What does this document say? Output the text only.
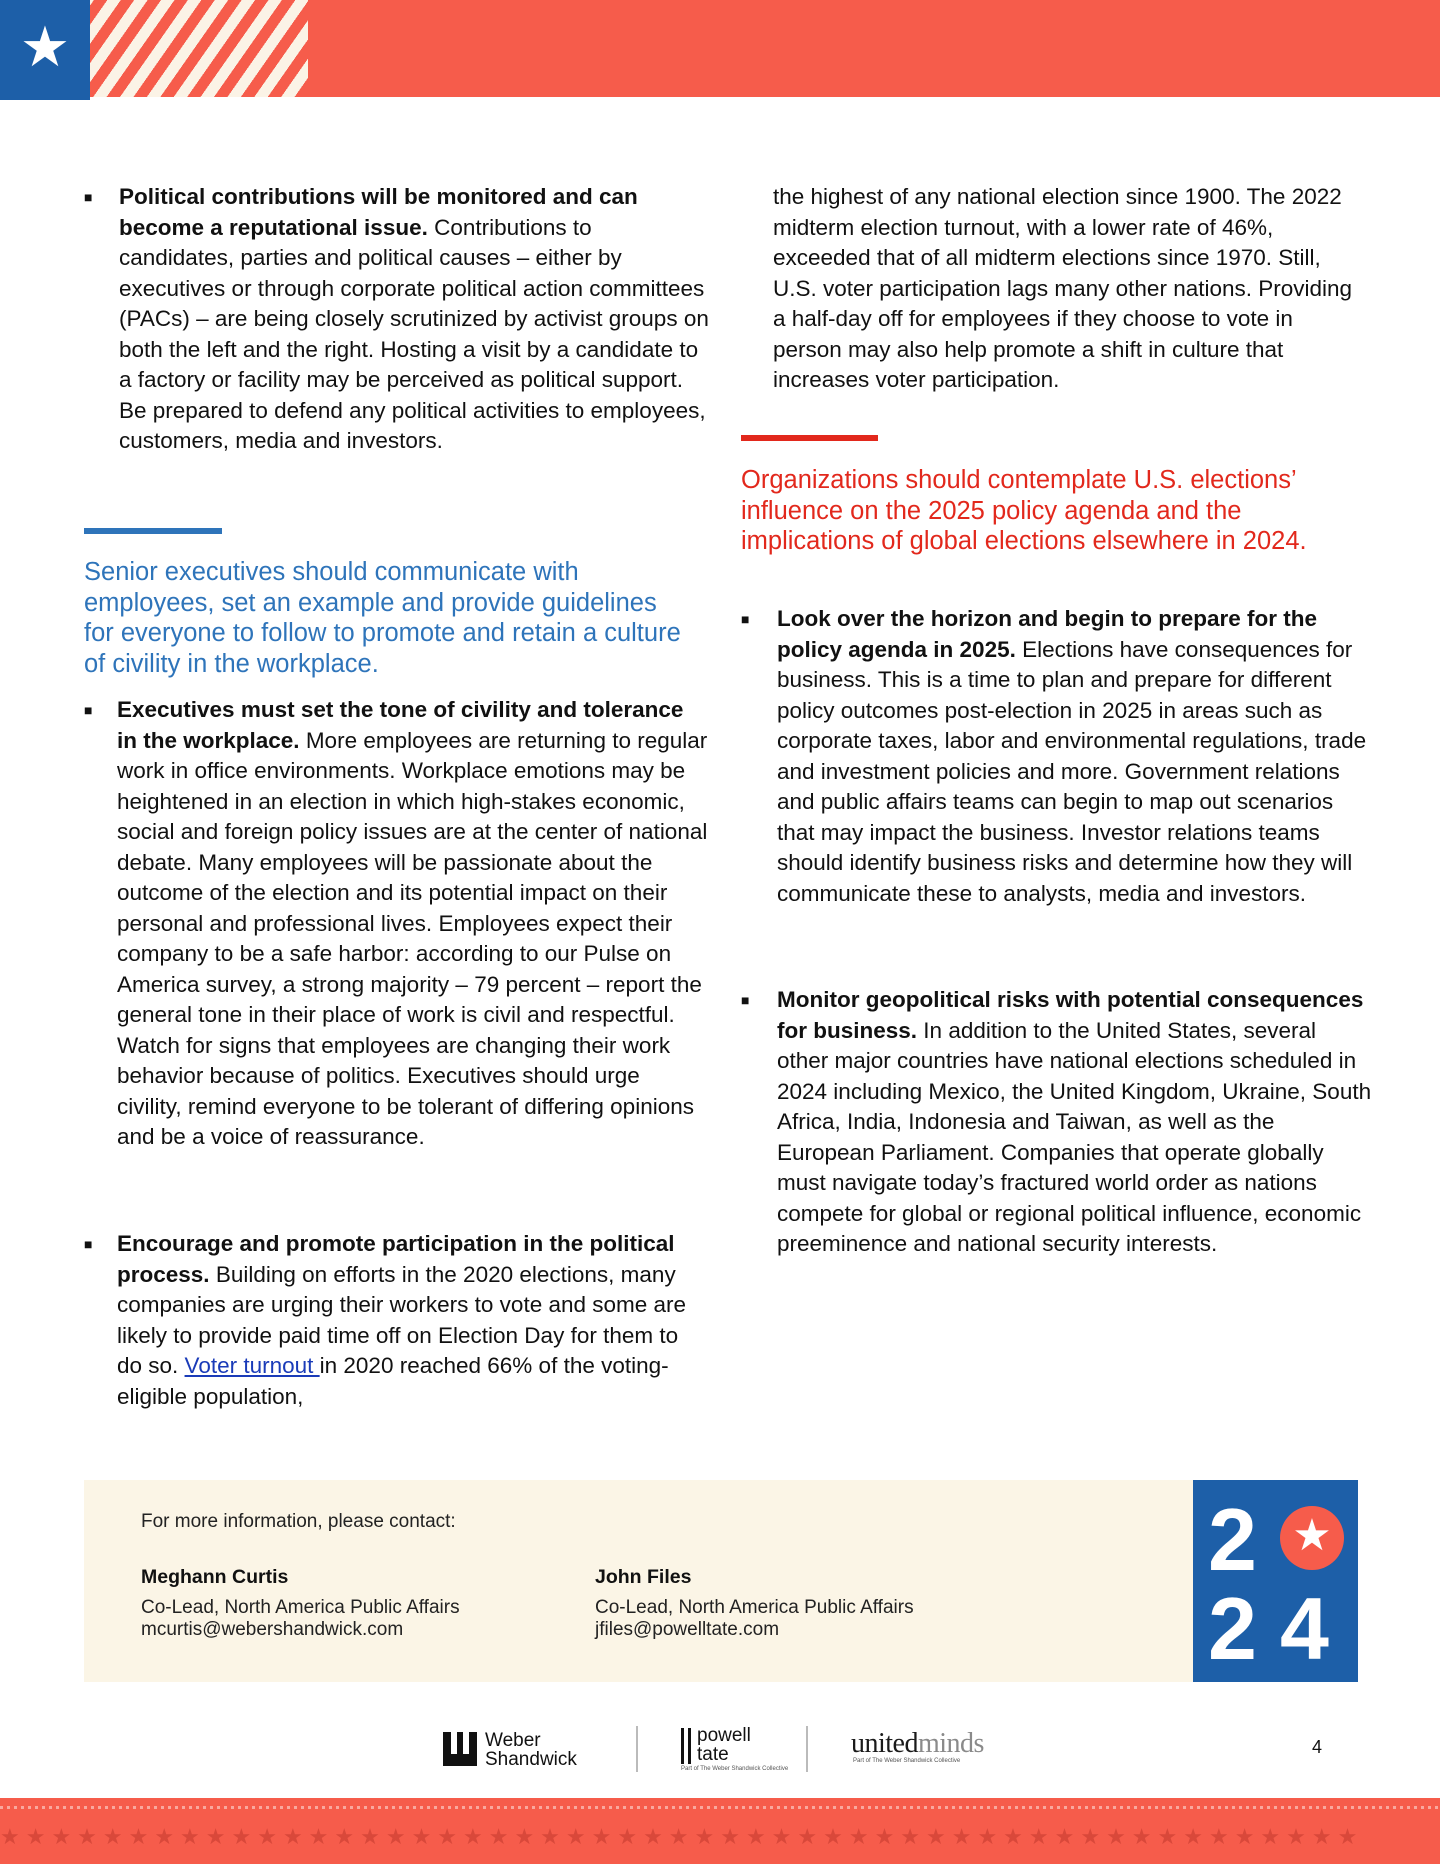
★
■ Political contributions will be monitored and can become a reputational issue. Contributions to candidates, parties and political causes – either by executives or through corporate political action committees (PACs) – are being closely scrutinized by activist groups on both the left and the right. Hosting a visit by a candidate to a factory or facility may be perceived as political support. Be prepared to defend any political activities to employees, customers, media and investors.
Senior executives should communicate with employees, set an example and provide guidelines for everyone to follow to promote and retain a culture of civility in the workplace.
■ Executives must set the tone of civility and tolerance in the workplace. More employees are returning to regular work in office environments. Workplace emotions may be heightened in an election in which high-stakes economic, social and foreign policy issues are at the center of national debate. Many employees will be passionate about the outcome of the election and its potential impact on their personal and professional lives. Employees expect their company to be a safe harbor: according to our Pulse on America survey, a strong majority – 79 percent – report the general tone in their place of work is civil and respectful. Watch for signs that employees are changing their work behavior because of politics. Executives should urge civility, remind everyone to be tolerant of differing opinions and be a voice of reassurance.
■ Encourage and promote participation in the political process. Building on efforts in the 2020 elections, many companies are urging their workers to vote and some are likely to provide paid time off on Election Day for them to do so. Voter turnout in 2020 reached 66% of the voting-eligible population,
the highest of any national election since 1900. The 2022 midterm election turnout, with a lower rate of 46%, exceeded that of all midterm elections since 1970. Still, U.S. voter participation lags many other nations. Providing a half-day off for employees if they choose to vote in person may also help promote a shift in culture that increases voter participation.
Organizations should contemplate U.S. elections’ influence on the 2025 policy agenda and the implications of global elections elsewhere in 2024.
■ Look over the horizon and begin to prepare for the policy agenda in 2025. Elections have consequences for business. This is a time to plan and prepare for different policy outcomes post-election in 2025 in areas such as corporate taxes, labor and environmental regulations, trade and investment policies and more. Government relations and public affairs teams can begin to map out scenarios that may impact the business. Investor relations teams should identify business risks and determine how they will communicate these to analysts, media and investors.
■ Monitor geopolitical risks with potential consequences for business. In addition to the United States, several other major countries have national elections scheduled in 2024 including Mexico, the United Kingdom, Ukraine, South Africa, India, Indonesia and Taiwan, as well as the European Parliament. Companies that operate globally must navigate today’s fractured world order as nations compete for global or regional political influence, economic preeminence and national security interests.
For more information, please contact:
Meghann Curtis
Co-Lead, North America Public Affairs
mcurtis@webershandwick.com
John Files
Co-Lead, North America Public Affairs
jfiles@powelltate.com
2 ★
2 4
Weber
Shandwick
powell
tate
Part of The Weber Shandwick Collective
unitedminds
Part of The Weber Shandwick Collective
4
★★★★★★★★★★★★★★★★★★★★★★★★★★★★★★★★★★★★★★★★★★★★★★★★★★★★★
